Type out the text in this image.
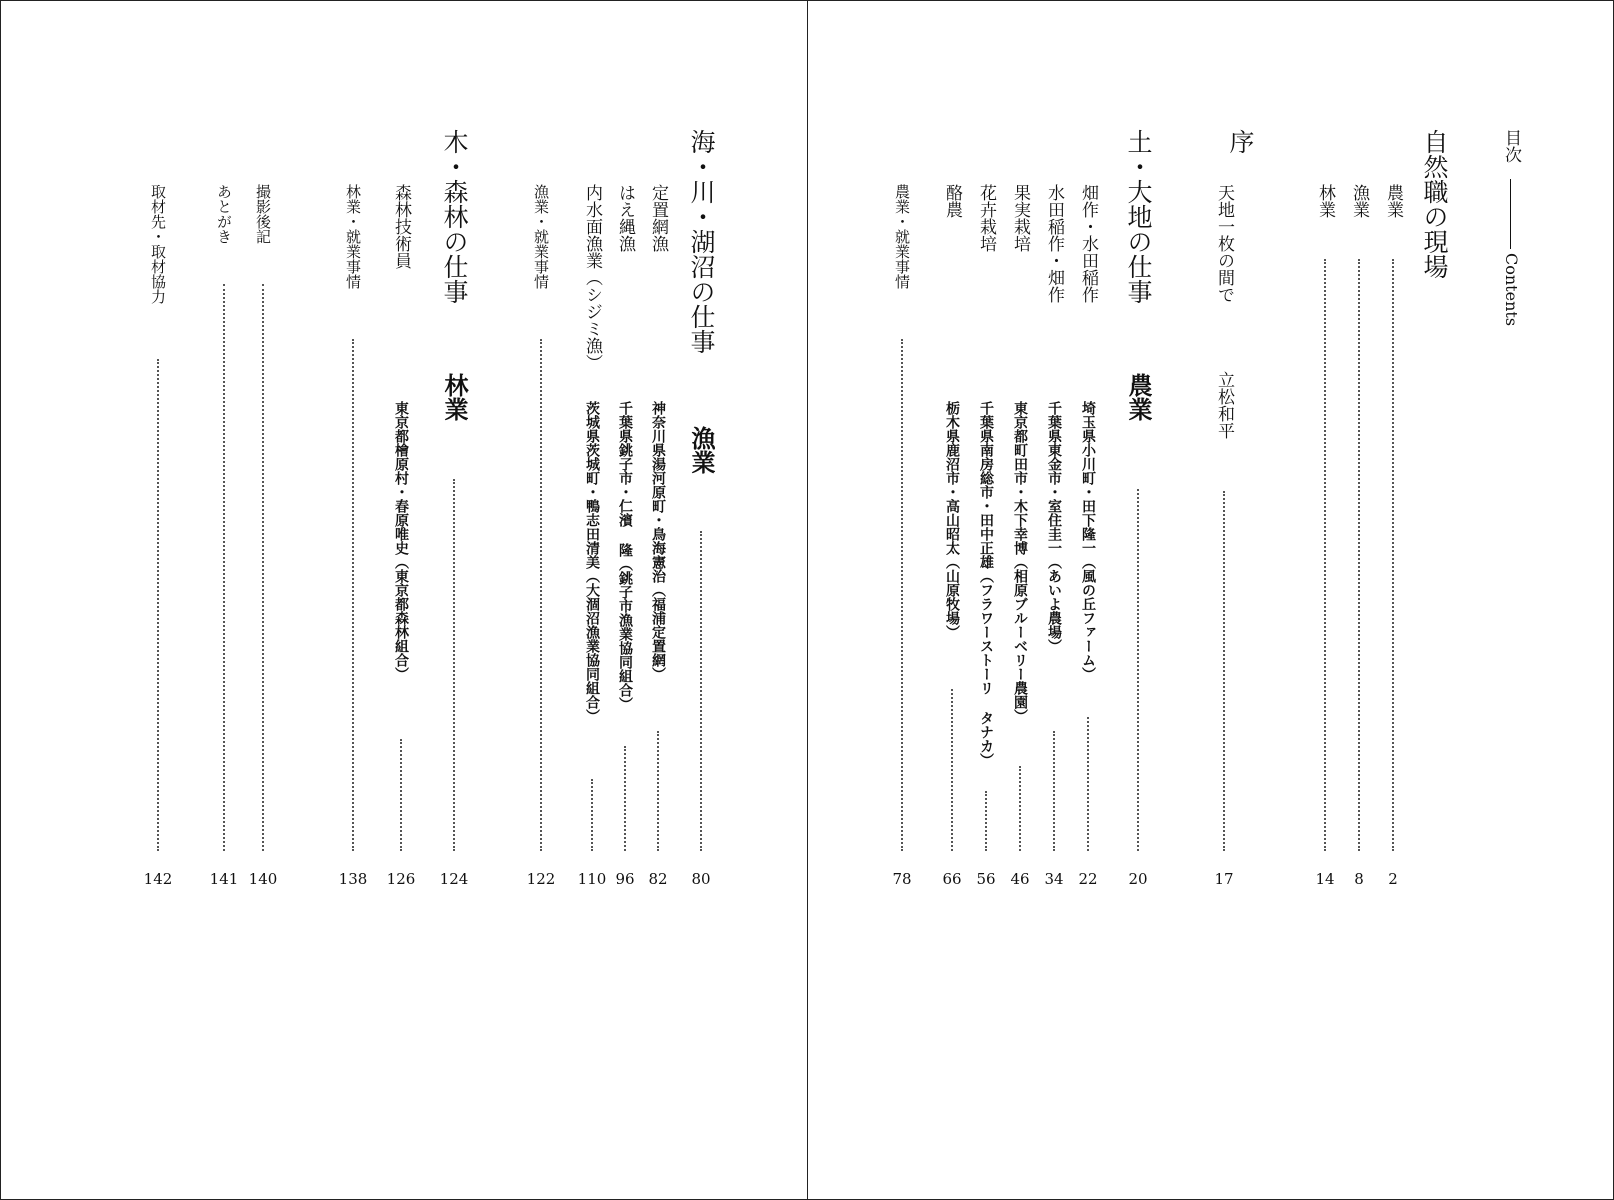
海・川・湖沼の仕事
漁業
80
定置網漁
神奈川県湯河原町・鳥海憲治（福浦定置網）
82
はえ縄漁
千葉県銚子市・仁濱 隆（銚子市漁業協同組合）
96
内水面漁業（シジミ漁）
茨城県茨城町・鴨志田清美（大涸沼漁業協同組合）
110
漁業・就業事情
122
木・森林の仕事
林業
124
森林技術員
東京都檜原村・春原唯史（東京都森林組合）
126
林業・就業事情
138
撮影後記
140
あとがき
141
取材先・取材協力
142
目次
Contents
自然職の現場
農業
2
漁業
8
林業
14
序
天地一枚の間で
立松和平
17
土・大地の仕事
農業
20
畑作・水田稲作
埼玉県小川町・田下隆一（風の丘ファーム）
22
水田稲作・畑作
千葉県東金市・室住圭一（あいよ農場）
34
果実栽培
東京都町田市・木下幸博（相原ブルーベリー農園）
46
花卉栽培
千葉県南房総市・田中正雄（フラワーストーリ タナカ）
56
酪農
栃木県鹿沼市・高山昭太（山原牧場）
66
農業・就業事情
78
